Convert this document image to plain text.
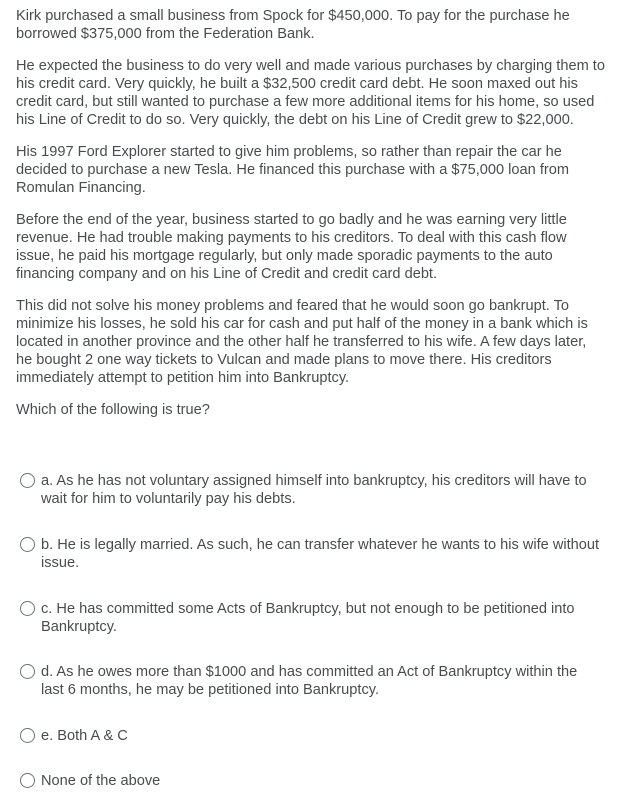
Kirk purchased a small business from Spock for $450,000. To pay for the purchase he borrowed $375,000 from the Federation Bank.

He expected the business to do very well and made various purchases by charging them to his credit card. Very quickly, he built a $32,500 credit card debt. He soon maxed out his credit card, but still wanted to purchase a few more additional items for his home, so used his Line of Credit to do so. Very quickly, the debt on his Line of Credit grew to $22,000.

His 1997 Ford Explorer started to give him problems, so rather than repair the car he decided to purchase a new Tesla. He financed this purchase with a $75,000 loan from Romulan Financing.

Before the end of the year, business started to go badly and he was earning very little revenue. He had trouble making payments to his creditors. To deal with this cash flow issue, he paid his mortgage regularly, but only made sporadic payments to the auto financing company and on his Line of Credit and credit card debt.

This did not solve his money problems and feared that he would soon go bankrupt. To minimize his losses, he sold his car for cash and put half of the money in a bank which is located in another province and the other half he transferred to his wife. A few days later, he bought 2 one way tickets to Vulcan and made plans to move there. His creditors immediately attempt to petition him into Bankruptcy.

Which of the following is true?

a. As he has not voluntary assigned himself into bankruptcy, his creditors will have to wait for him to voluntarily pay his debts.
b. He is legally married. As such, he can transfer whatever he wants to his wife without issue.
c. He has committed some Acts of Bankruptcy, but not enough to be petitioned into Bankruptcy.
d. As he owes more than $1000 and has committed an Act of Bankruptcy within the last 6 months, he may be petitioned into Bankruptcy.
e. Both A & C
None of the above
